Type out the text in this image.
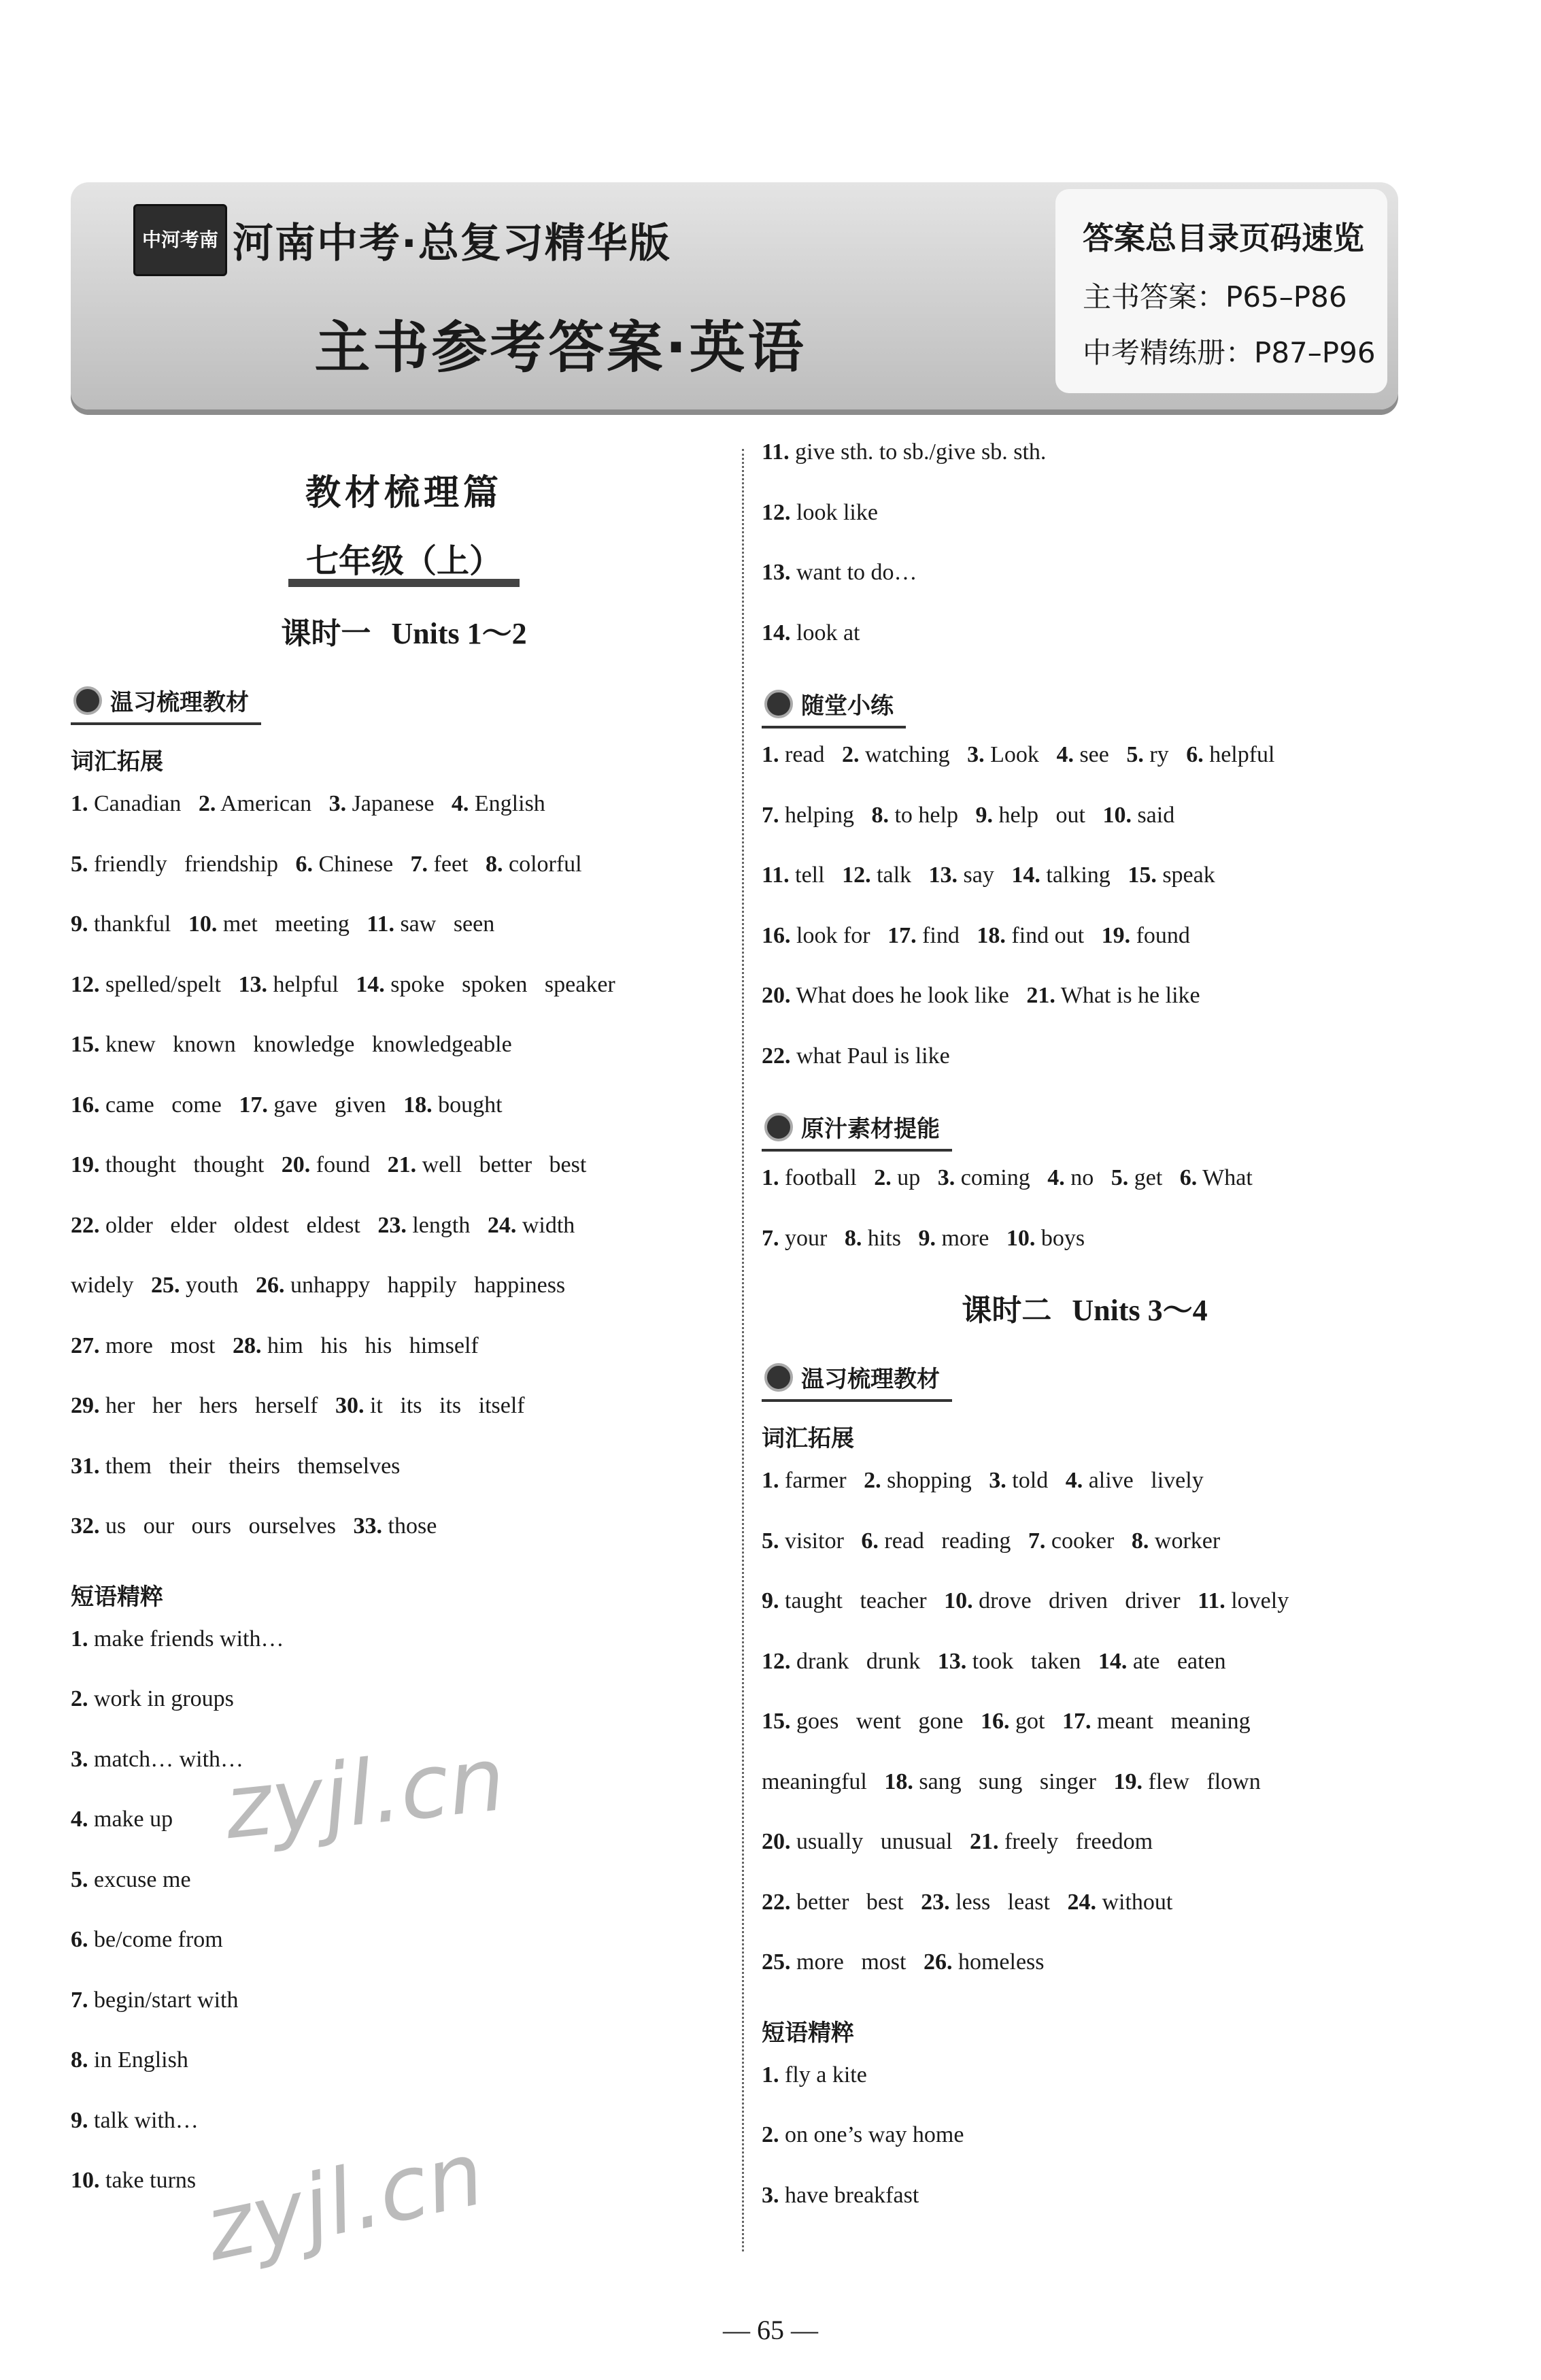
中 河 考 南 河南中考·总复习精华版
主书参考答案·英语
答案总目录页码速览
主书答案：P65–P86
中考精练册：P87–P96
教材梳理篇
七年级（上）
课时一 Units 1～2
温习梳理教材
词汇拓展
1. Canadian   2. American   3. Japanese   4. English
5. friendly   friendship   6. Chinese   7. feet   8. colorful
9. thankful   10. met   meeting   11. saw   seen
12. spelled/spelt   13. helpful   14. spoke   spoken   speaker
15. knew   known   knowledge   knowledgeable
16. came   come   17. gave   given   18. bought
19. thought   thought   20. found   21. well   better   best
22. older   elder   oldest   eldest   23. length   24. width
widely   25. youth   26. unhappy   happily   happiness
27. more   most   28. him   his   his   himself
29. her   her   hers   herself   30. it   its   its   itself
31. them   their   theirs   themselves
32. us   our   ours   ourselves   33. those
短语精粹
1. make friends with…
2. work in groups
3. match… with…
4. make up
5. excuse me
6. be/come from
7. begin/start with
8. in English
9. talk with…
10. take turns
11. give sth. to sb./give sb. sth.
12. look like
13. want to do…
14. look at
随堂小练
1. read   2. watching   3. Look   4. see   5. ry   6. helpful
7. helping   8. to help   9. help   out   10. said
11. tell   12. talk   13. say   14. talking   15. speak
16. look for   17. find   18. find out   19. found
20. What does he look like   21. What is he like
22. what Paul is like
原汁素材提能
1. football   2. up   3. coming   4. no   5. get   6. What
7. your   8. hits   9. more   10. boys
课时二 Units 3～4
温习梳理教材
词汇拓展
1. farmer   2. shopping   3. told   4. alive   lively
5. visitor   6. read   reading   7. cooker   8. worker
9. taught   teacher   10. drove   driven   driver   11. lovely
12. drank   drunk   13. took   taken   14. ate   eaten
15. goes   went   gone   16. got   17. meant   meaning
meaningful   18. sang   sung   singer   19. flew   flown
20. usually   unusual   21. freely   freedom
22. better   best   23. less   least   24. without
25. more   most   26. homeless
短语精粹
1. fly a kite
2. on one’s way home
3. have breakfast
— 65 —
zyjl.cn
zyjl.cn
